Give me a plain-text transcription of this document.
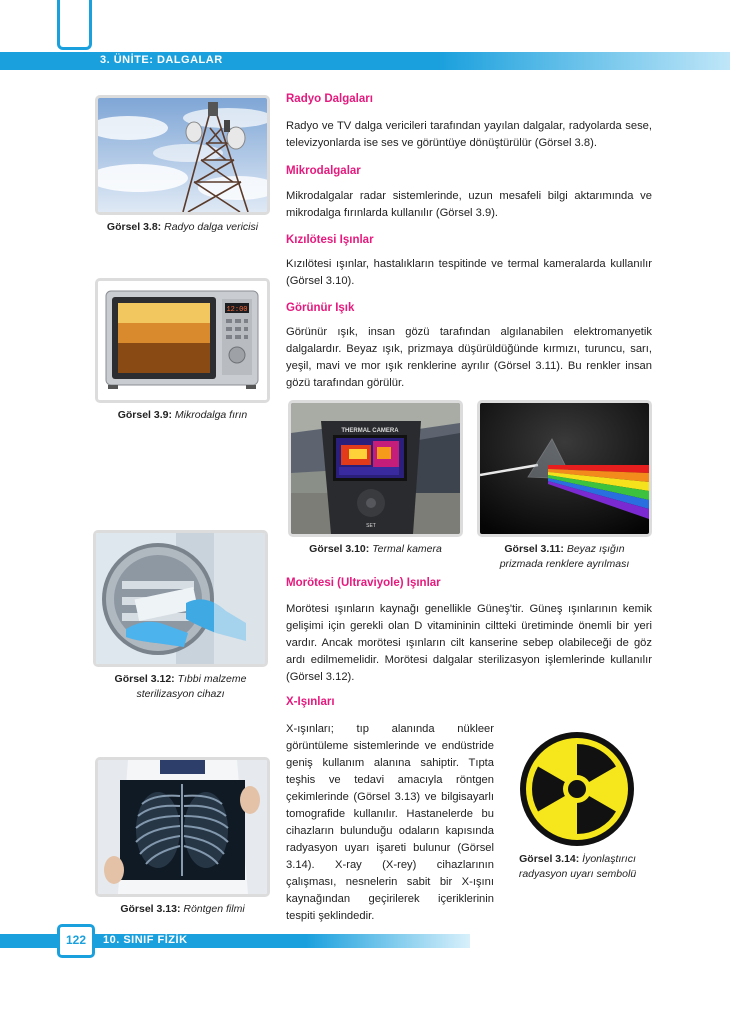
3. ÜNİTE: DALGALAR
Görsel 3.8: Radyo dalga vericisi
12:00
Görsel 3.9: Mikrodalga fırın
Görsel 3.12: Tıbbi malzeme
sterilizasyon cihazı
Görsel 3.13: Röntgen filmi
THERMAL CAMERA
SET
Görsel 3.10: Termal kamera	Görsel 3.11: Beyaz ışığın
prizmada renklere ayrılması
Görsel 3.14: İyonlaştırıcı
radyasyon uyarı sembolü
Radyo Dalgaları
Radyo ve TV dalga vericileri tarafından yayılan dalgalar, radyolarda sese, televizyonlarda ise ses ve görüntüye dönüştürülür (Görsel 3.8).
Mikrodalgalar
Mikrodalgalar radar sistemlerinde, uzun mesafeli bilgi aktarımında ve mikrodalga fırınlarda kullanılır (Görsel 3.9).
Kızılötesi Işınlar
Kızılötesi ışınlar, hastalıkların tespitinde ve termal kameralarda kullanılır (Görsel 3.10).
Görünür Işık
Görünür ışık, insan gözü tarafından algılanabilen elektromanyetik dalgalardır. Beyaz ışık, prizmaya düşürüldüğünde kırmızı, turuncu, sarı, yeşil, mavi ve mor ışık renklerine ayrılır (Görsel 3.11). Bu renkler insan gözü tarafından görülür.
Morötesi (Ultraviyole) Işınlar
Morötesi ışınların kaynağı genellikle Güneş'tir. Güneş ışınlarının kemik gelişimi için gerekli olan D vitamininin ciltteki üretiminde önemli bir yeri vardır. Ancak morötesi ışınların cilt kanserine sebep olabileceği de göz ardı edilmemelidir. Morötesi dalgalar sterilizasyon işlemlerinde kullanılır (Görsel 3.12).
X-Işınları
X-ışınları; tıp alanında nükleer görüntüleme sistemlerinde ve endüstride geniş kullanım alanına sahiptir. Tıpta teşhis ve tedavi amacıyla röntgen çekimlerinde (Görsel 3.13) ve bilgisayarlı tomografide kullanılır. Hastanelerde bu cihazların bulunduğu odaların kapısında radyasyon uyarı işareti bulunur (Görsel 3.14). X-ray (X-rey) cihazlarının çalışması, nesnelerin sabit bir X-ışını kaynağından geçirilerek içeriklerinin tespiti şeklindedir.
122	10. SINIF FİZİK
